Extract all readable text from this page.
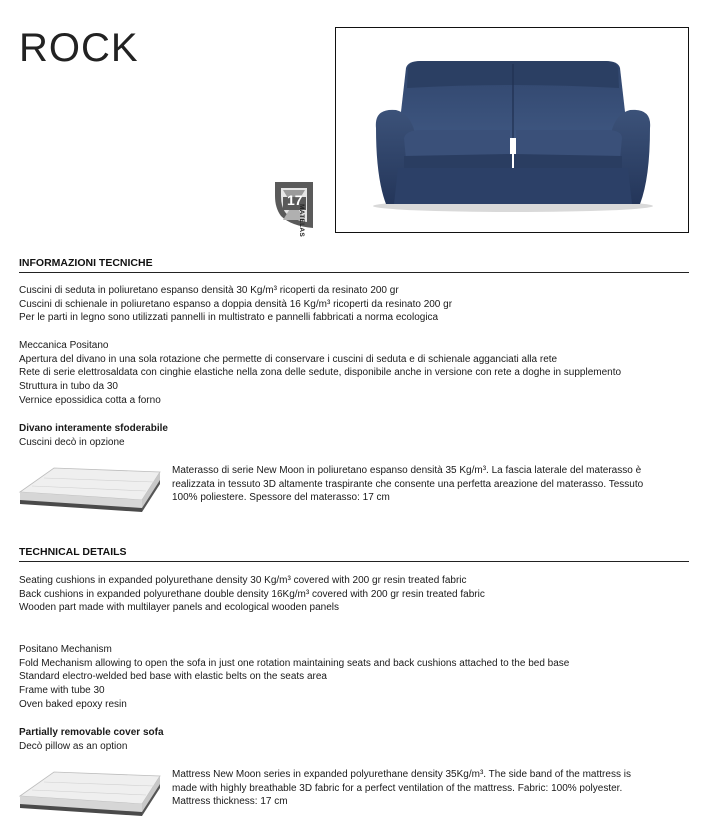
ROCK
17
MATELAS
INFORMAZIONI TECNICHE
Cuscini di seduta in poliuretano espanso densità 30 Kg/m³ ricoperti da resinato 200 gr
Cuscini di schienale in poliuretano espanso a doppia densità 16 Kg/m³ ricoperti da resinato 200 gr
Per le parti in legno sono utilizzati pannelli in multistrato e pannelli fabbricati a norma ecologica
Meccanica Positano
Apertura del divano in una sola rotazione che permette di conservare i cuscini di seduta e di schienale agganciati alla rete
Rete di serie elettrosaldata con cinghie elastiche nella zona delle sedute, disponibile anche in versione con rete a doghe in supplemento
Struttura in tubo da 30
Vernice epossidica cotta a forno
Divano interamente sfoderabile
Cuscini decò in opzione
Materasso di serie New Moon in poliuretano espanso densità 35 Kg/m³. La fascia laterale del materasso è
realizzata in tessuto 3D altamente traspirante che consente una perfetta areazione del materasso. Tessuto
100% poliestere. Spessore del materasso: 17 cm
TECHNICAL DETAILS
Seating cushions in expanded polyurethane density 30 Kg/m³ covered with 200 gr resin treated fabric
Back cushions in expanded polyurethane double density 16Kg/m³ covered with 200 gr resin treated fabric
Wooden part made with multilayer panels and ecological wooden panels
Positano Mechanism
Fold Mechanism allowing to open the sofa in just one rotation maintaining seats and back cushions attached to the bed base
Standard electro-welded bed base with elastic belts on the seats area
Frame with tube 30
Oven baked epoxy resin
Partially removable cover sofa
Decò pillow as an option
Mattress New Moon series in expanded polyurethane density 35Kg/m³. The side band of the mattress is
made with highly breathable 3D fabric for a perfect ventilation of the mattress. Fabric: 100% polyester.
Mattress thickness: 17 cm
